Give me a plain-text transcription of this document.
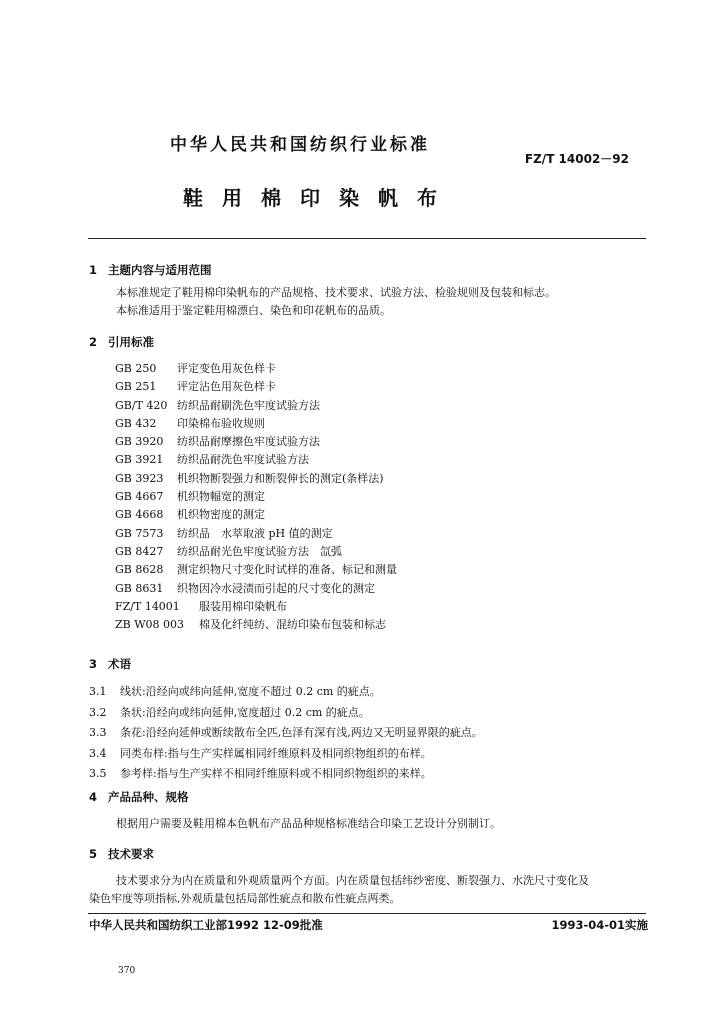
中华人民共和国纺织行业标准
FZ/T 14002－92
鞋用棉印染帆布
1 主题内容与适用范围
本标准规定了鞋用棉印染帆布的产品规格、技术要求、试验方法、检验规则及包装和标志。
本标准适用于鉴定鞋用棉漂白、染色和印花帆布的品质。
2 引用标准
GB 250 评定变色用灰色样卡
GB 251 评定沾色用灰色样卡
GB/T 420 纺织品耐刷洗色牢度试验方法
GB 432 印染棉布验收规则
GB 3920 纺织品耐摩擦色牢度试验方法
GB 3921 纺织品耐洗色牢度试验方法
GB 3923 机织物断裂强力和断裂伸长的测定(条样法)
GB 4667 机织物幅宽的测定
GB 4668 机织物密度的测定
GB 7573 纺织品　水萃取液 pH 值的测定
GB 8427 纺织品耐光色牢度试验方法　氙弧
GB 8628 测定织物尺寸变化时试样的准备、标记和测量
GB 8631 织物因冷水浸渍而引起的尺寸变化的测定
FZ/T 14001 服装用棉印染帆布
ZB W08 003 棉及化纤纯纺、混纺印染布包装和标志
3 术语
3.1 线状:沿经向或纬向延伸,宽度不超过 0.2 cm 的疵点。
3.2 条状:沿经向或纬向延伸,宽度超过 0.2 cm 的疵点。
3.3 条花:沿经向延伸或断续散布全匹,色泽有深有浅,两边又无明显界限的疵点。
3.4 同类布样:指与生产实样属相同纤维原料及相同织物组织的布样。
3.5 参考样:指与生产实样不相同纤维原料或不相同织物组织的来样。
4 产品品种、规格
根据用户需要及鞋用棉本色帆布产品品种规格标准结合印染工艺设计分别制订。
5 技术要求
技术要求分为内在质量和外观质量两个方面。内在质量包括纬纱密度、断裂强力、水洗尺寸变化及
染色牢度等项指标,外观质量包括局部性疵点和散布性疵点两类。
中华人民共和国纺织工业部1992 12-09批准	1993-04-01实施
370
